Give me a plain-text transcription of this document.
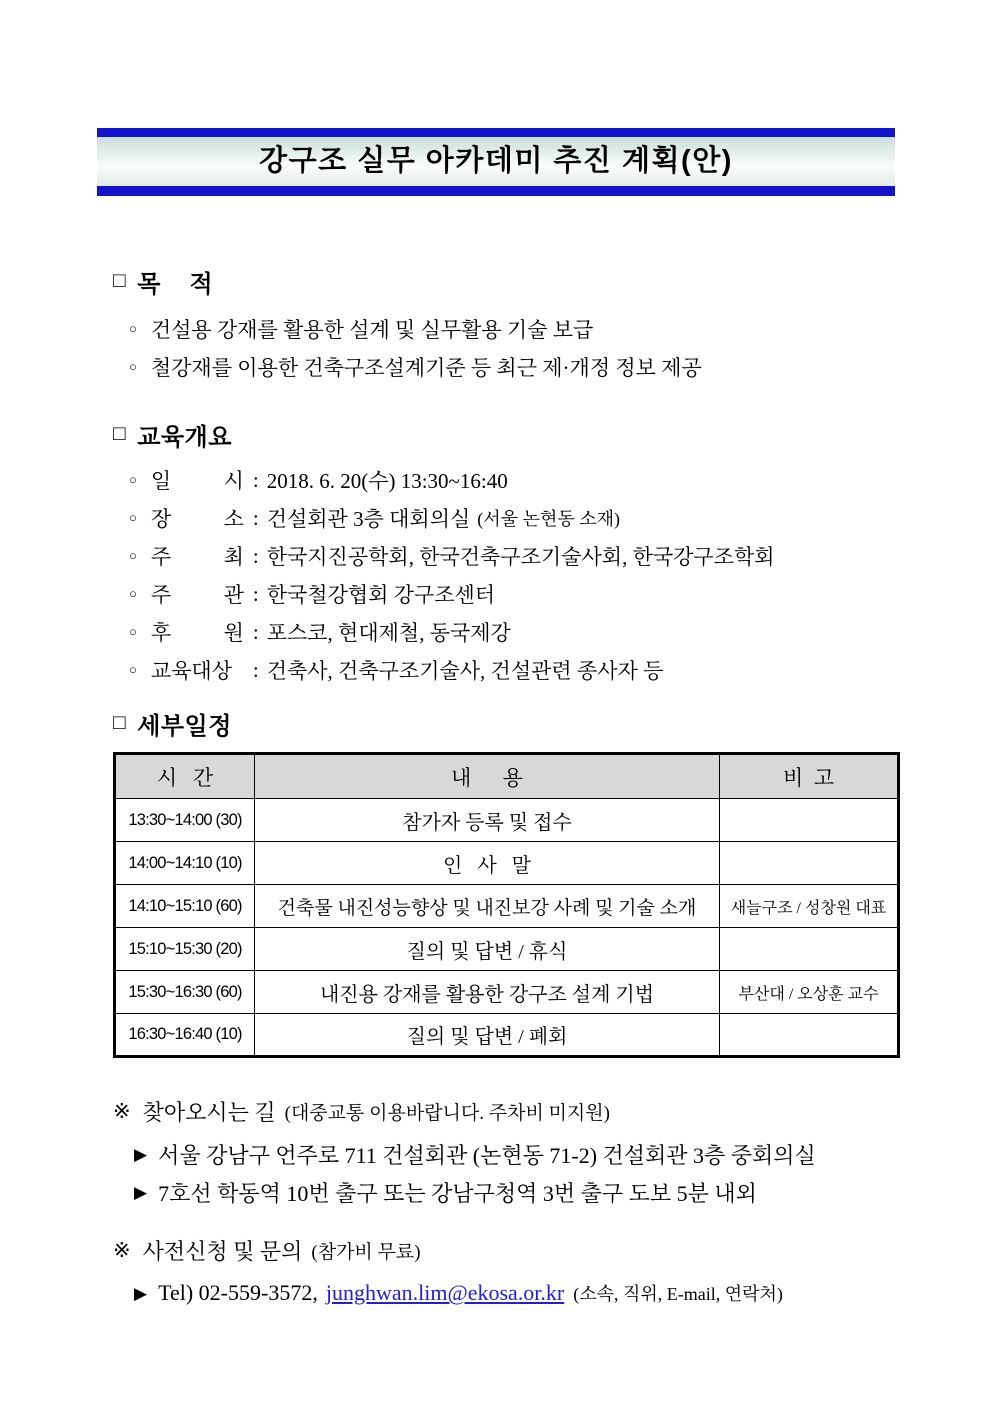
강구조 실무 아카데미 추진 계획(안)
□ 목    적
○ 건설용 강재를 활용한 설계 및 실무활용 기술 보급
○ 철강재를 이용한 건축구조설계기준 등 최근 제·개정 정보 제공
□ 교육개요
○ 일 시 : 2018. 6. 20(수) 13:30~16:40
○ 장 소 : 건설회관 3층 대회의실 (서울 논현동 소재)
○ 주 최 : 한국지진공학회, 한국건축구조기술사회, 한국강구조학회
○ 주 관 : 한국철강협회 강구조센터
○ 후 원 : 포스코, 현대제철, 동국제강
○ 교육대상 : 건축사, 건축구조기술사, 건설관련 종사자 등
□ 세부일정
시   간	내      용	비  고
13:30~14:00 (30)	참가자 등록 및 접수	
14:00~14:10 (10)	인   사   말	
14:10~15:10 (60)	건축물 내진성능향상 및 내진보강 사례 및 기술 소개	새늘구조 / 성창원 대표
15:10~15:30 (20)	질의 및 답변 / 휴식	
15:30~16:30 (60)	내진용 강재를 활용한 강구조 설계 기법	부산대 / 오상훈 교수
16:30~16:40 (10)	질의 및 답변 / 폐회	
※ 찾아오시는 길 (대중교통 이용바랍니다. 주차비 미지원)
▶ 서울 강남구 언주로 711 건설회관 (논현동 71-2) 건설회관 3층 중회의실
▶ 7호선 학동역 10번 출구 또는 강남구청역 3번 출구 도보 5분 내외
※ 사전신청 및 문의 (참가비 무료)
▶ Tel) 02-559-3572, junghwan.lim@ekosa.or.kr (소속, 직위, E-mail, 연락처)
